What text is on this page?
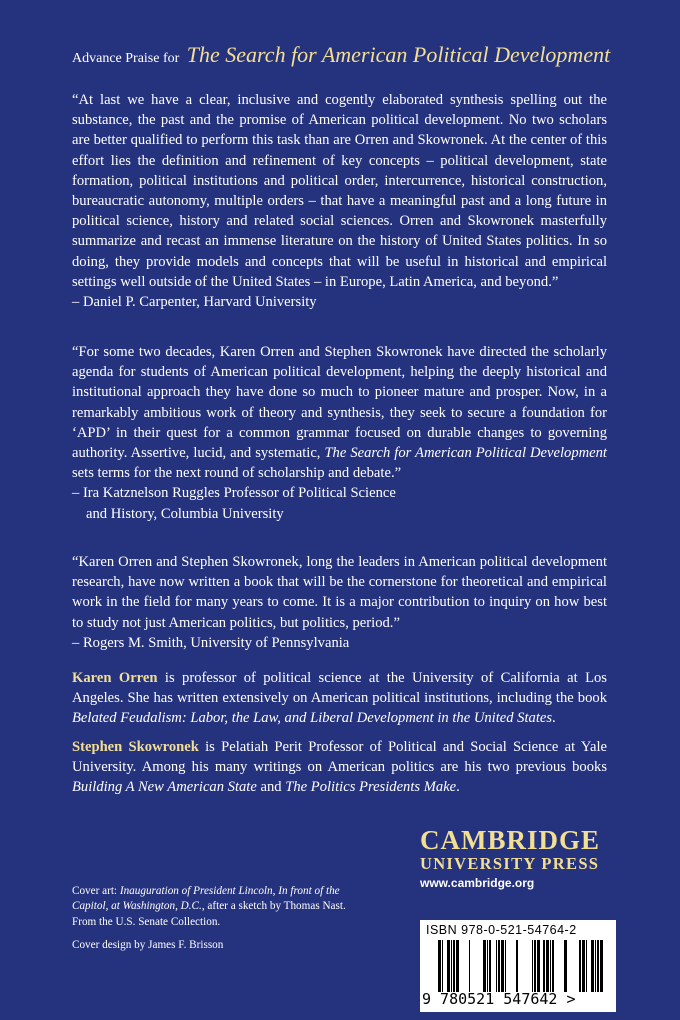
Advance Praise for The Search for American Political Development

“At last we have a clear, inclusive and cogently elaborated synthesis spelling out the substance, the past and the promise of American political development. No two scholars are better qualified to perform this task than are Orren and Skowronek. At the center of this effort lies the definition and refinement of key concepts – political development, state formation, political institutions and political order, intercurrence, historical construction, bureaucratic autonomy, multiple orders – that have a meaningful past and a long future in political science, history and related social sciences. Orren and Skowronek masterfully summarize and recast an immense literature on the history of United States politics. In so doing, they provide models and concepts that will be useful in historical and empirical settings well outside of the United States – in Europe, Latin America, and beyond.”

– Daniel P. Carpenter, Harvard University

“For some two decades, Karen Orren and Stephen Skowronek have directed the scholarly agenda for students of American political development, helping the deeply historical and institutional approach they have done so much to pioneer mature and prosper. Now, in a remarkably ambitious work of theory and synthesis, they seek to secure a foundation for ‘APD’ in their quest for a common grammar focused on durable changes to governing authority. Assertive, lucid, and systematic, The Search for American Political Development sets terms for the next round of scholarship and debate.”

– Ira Katznelson Ruggles Professor of Political Science
and History, Columbia University

“Karen Orren and Stephen Skowronek, long the leaders in American political development research, have now written a book that will be the cornerstone for theoretical and empirical work in the field for many years to come. It is a major contribution to inquiry on how best to study not just American politics, but politics, period.”

– Rogers M. Smith, University of Pennsylvania

Karen Orren is professor of political science at the University of California at Los Angeles. She has written extensively on American political institutions, including the book Belated Feudalism: Labor, the Law, and Liberal Development in the United States.

Stephen Skowronek is Pelatiah Perit Professor of Political and Social Science at Yale University. Among his many writings on American politics are his two previous books Building A New American State and The Politics Presidents Make.

CAMBRIDGE
UNIVERSITY PRESS
www.cambridge.org

Cover art: Inauguration of President Lincoln, In front of the Capitol, at Washington, D.C., after a sketch by Thomas Nast. From the U.S. Senate Collection.

Cover design by James F. Brisson

ISBN 978-0-521-54764-2
9 780521 547642 >
